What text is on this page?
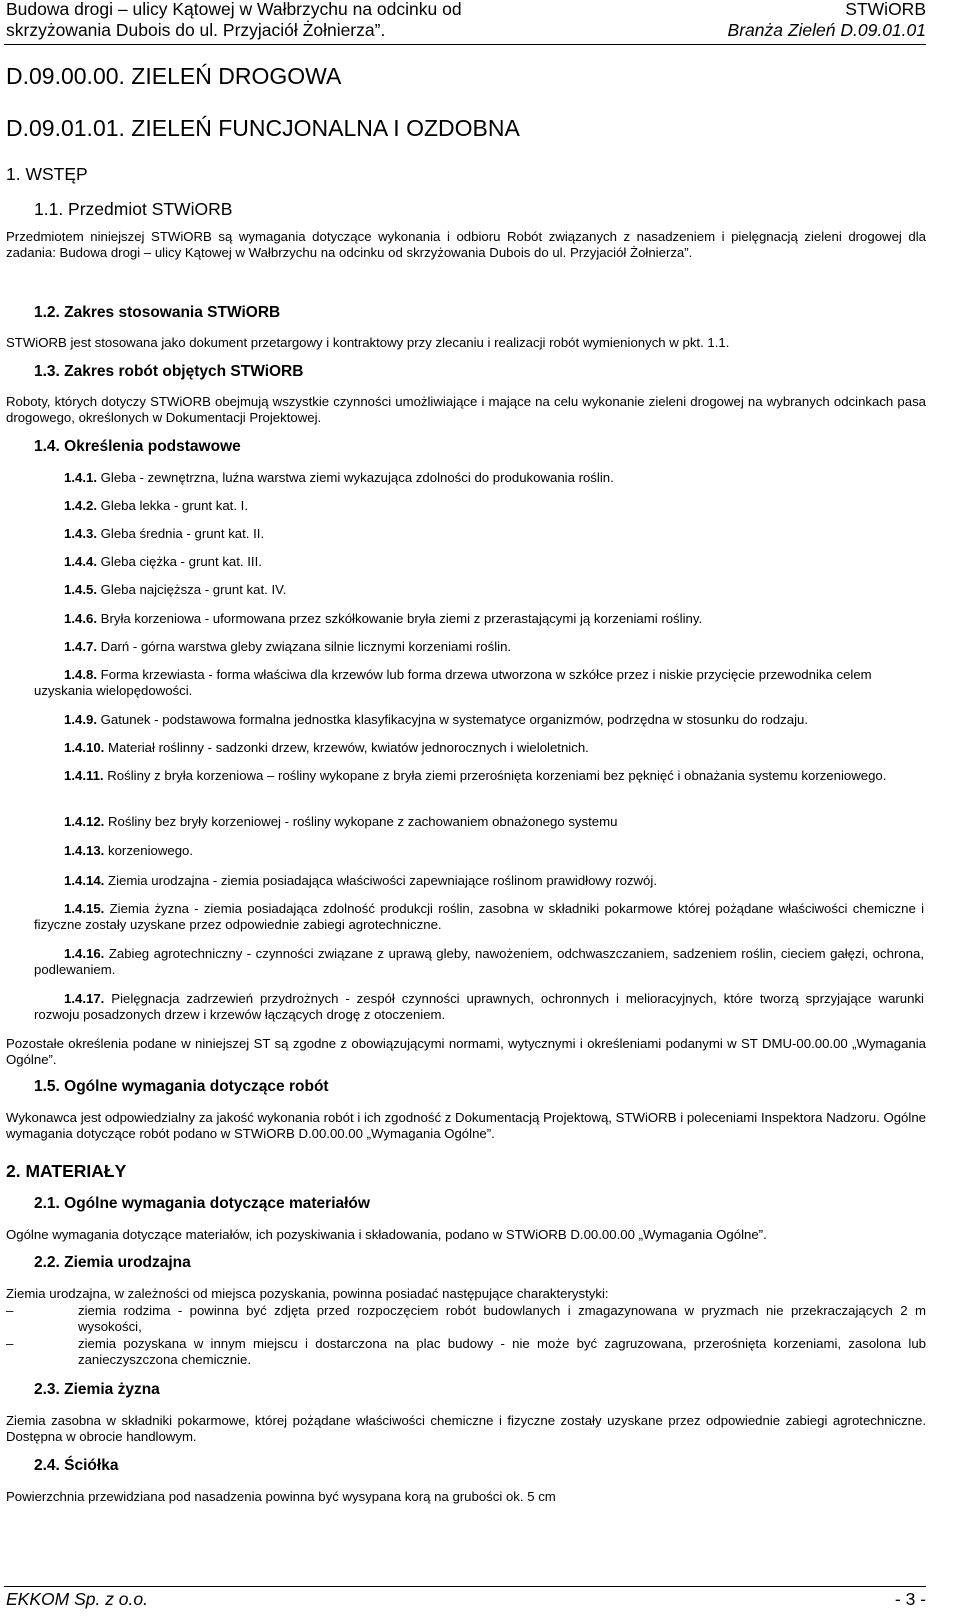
Budowa drogi – ulicy Kątowej w Wałbrzychu na odcinku od
skrzyżowania Dubois do ul. Przyjaciół Żołnierza”.
STWiORB
Branża Zieleń D.09.01.01
D.09.00.00. ZIELEŃ DROGOWA
D.09.01.01. ZIELEŃ FUNCJONALNA I OZDOBNA
1. WSTĘP
1.1. Przedmiot STWiORB
Przedmiotem niniejszej STWiORB są wymagania dotyczące wykonania i odbioru Robót związanych z nasadzeniem i pielęgnacją zieleni drogowej dla zadania: Budowa drogi – ulicy Kątowej w Wałbrzychu na odcinku od skrzyżowania Dubois do ul. Przyjaciół Żołnierza”.
1.2. Zakres stosowania STWiORB
STWiORB jest stosowana jako dokument przetargowy i kontraktowy przy zlecaniu i realizacji robót wymienionych w pkt. 1.1.
1.3. Zakres robót objętych STWiORB
Roboty, których dotyczy STWiORB obejmują wszystkie czynności umożliwiające i mające na celu wykonanie zieleni drogowej na wybranych odcinkach pasa drogowego, określonych w Dokumentacji Projektowej.
1.4. Określenia podstawowe
1.4.1. Gleba - zewnętrzna, luźna warstwa ziemi wykazująca zdolności do produkowania roślin.
1.4.2. Gleba lekka - grunt kat. I.
1.4.3. Gleba średnia - grunt kat. II.
1.4.4. Gleba ciężka - grunt kat. III.
1.4.5. Gleba najcięższa - grunt kat. IV.
1.4.6. Bryła korzeniowa - uformowana przez szkółkowanie bryła ziemi z przerastającymi ją korzeniami rośliny.
1.4.7. Darń - górna warstwa gleby związana silnie licznymi korzeniami roślin.
1.4.8. Forma krzewiasta - forma właściwa dla krzewów lub forma drzewa utworzona w szkółce przez i niskie przycięcie przewodnika celem uzyskania wielopędowości.
1.4.9. Gatunek - podstawowa formalna jednostka klasyfikacyjna w systematyce organizmów, podrzędna w stosunku do rodzaju.
1.4.10. Materiał roślinny - sadzonki drzew, krzewów, kwiatów jednorocznych i wieloletnich.
1.4.11. Rośliny z bryła korzeniowa – rośliny wykopane z bryła ziemi przerośnięta korzeniami bez pęknięć i obnażania systemu korzeniowego.
1.4.12. Rośliny bez bryły korzeniowej - rośliny wykopane z zachowaniem obnażonego systemu
1.4.13. korzeniowego.
1.4.14. Ziemia urodzajna - ziemia posiadająca właściwości zapewniające roślinom prawidłowy rozwój.
1.4.15. Ziemia żyzna - ziemia posiadająca zdolność produkcji roślin, zasobna w składniki pokarmowe której pożądane właściwości chemiczne i fizyczne zostały uzyskane przez odpowiednie zabiegi agrotechniczne.
1.4.16. Zabieg agrotechniczny - czynności związane z uprawą gleby, nawożeniem, odchwaszczaniem, sadzeniem roślin, cieciem gałęzi, ochrona, podlewaniem.
1.4.17. Pielęgnacja zadrzewień przydrożnych - zespół czynności uprawnych, ochronnych i melioracyjnych, które tworzą sprzyjające warunki rozwoju posadzonych drzew i krzewów łączących drogę z otoczeniem.
Pozostałe określenia podane w niniejszej ST są zgodne z obowiązującymi normami, wytycznymi i określeniami podanymi w ST DMU-00.00.00 „Wymagania Ogólne”.
1.5. Ogólne wymagania dotyczące robót
Wykonawca jest odpowiedzialny za jakość wykonania robót i ich zgodność z Dokumentacją Projektową, STWiORB i poleceniami Inspektora Nadzoru. Ogólne wymagania dotyczące robót podano w STWiORB D.00.00.00 „Wymagania Ogólne”.
2. MATERIAŁY
2.1. Ogólne wymagania dotyczące materiałów
Ogólne wymagania dotyczące materiałów, ich pozyskiwania i składowania, podano w STWiORB D.00.00.00 „Wymagania Ogólne”.
2.2. Ziemia urodzajna
Ziemia urodzajna, w zależności od miejsca pozyskania, powinna posiadać następujące charakterystyki:
–	ziemia rodzima - powinna być zdjęta przed rozpoczęciem robót budowlanych i zmagazynowana w pryzmach nie przekraczających 2 m wysokości,
–	ziemia pozyskana w innym miejscu i dostarczona na plac budowy - nie może być zagruzowana, przerośnięta korzeniami, zasolona lub zanieczyszczona chemicznie.
2.3. Ziemia żyzna
Ziemia zasobna w składniki pokarmowe, której pożądane właściwości chemiczne i fizyczne zostały uzyskane przez odpowiednie zabiegi agrotechniczne. Dostępna w obrocie handlowym.
2.4. Ściółka
Powierzchnia przewidziana pod nasadzenia powinna być wysypana korą na grubości ok. 5 cm
EKKOM Sp. z o.o.	- 3 -
